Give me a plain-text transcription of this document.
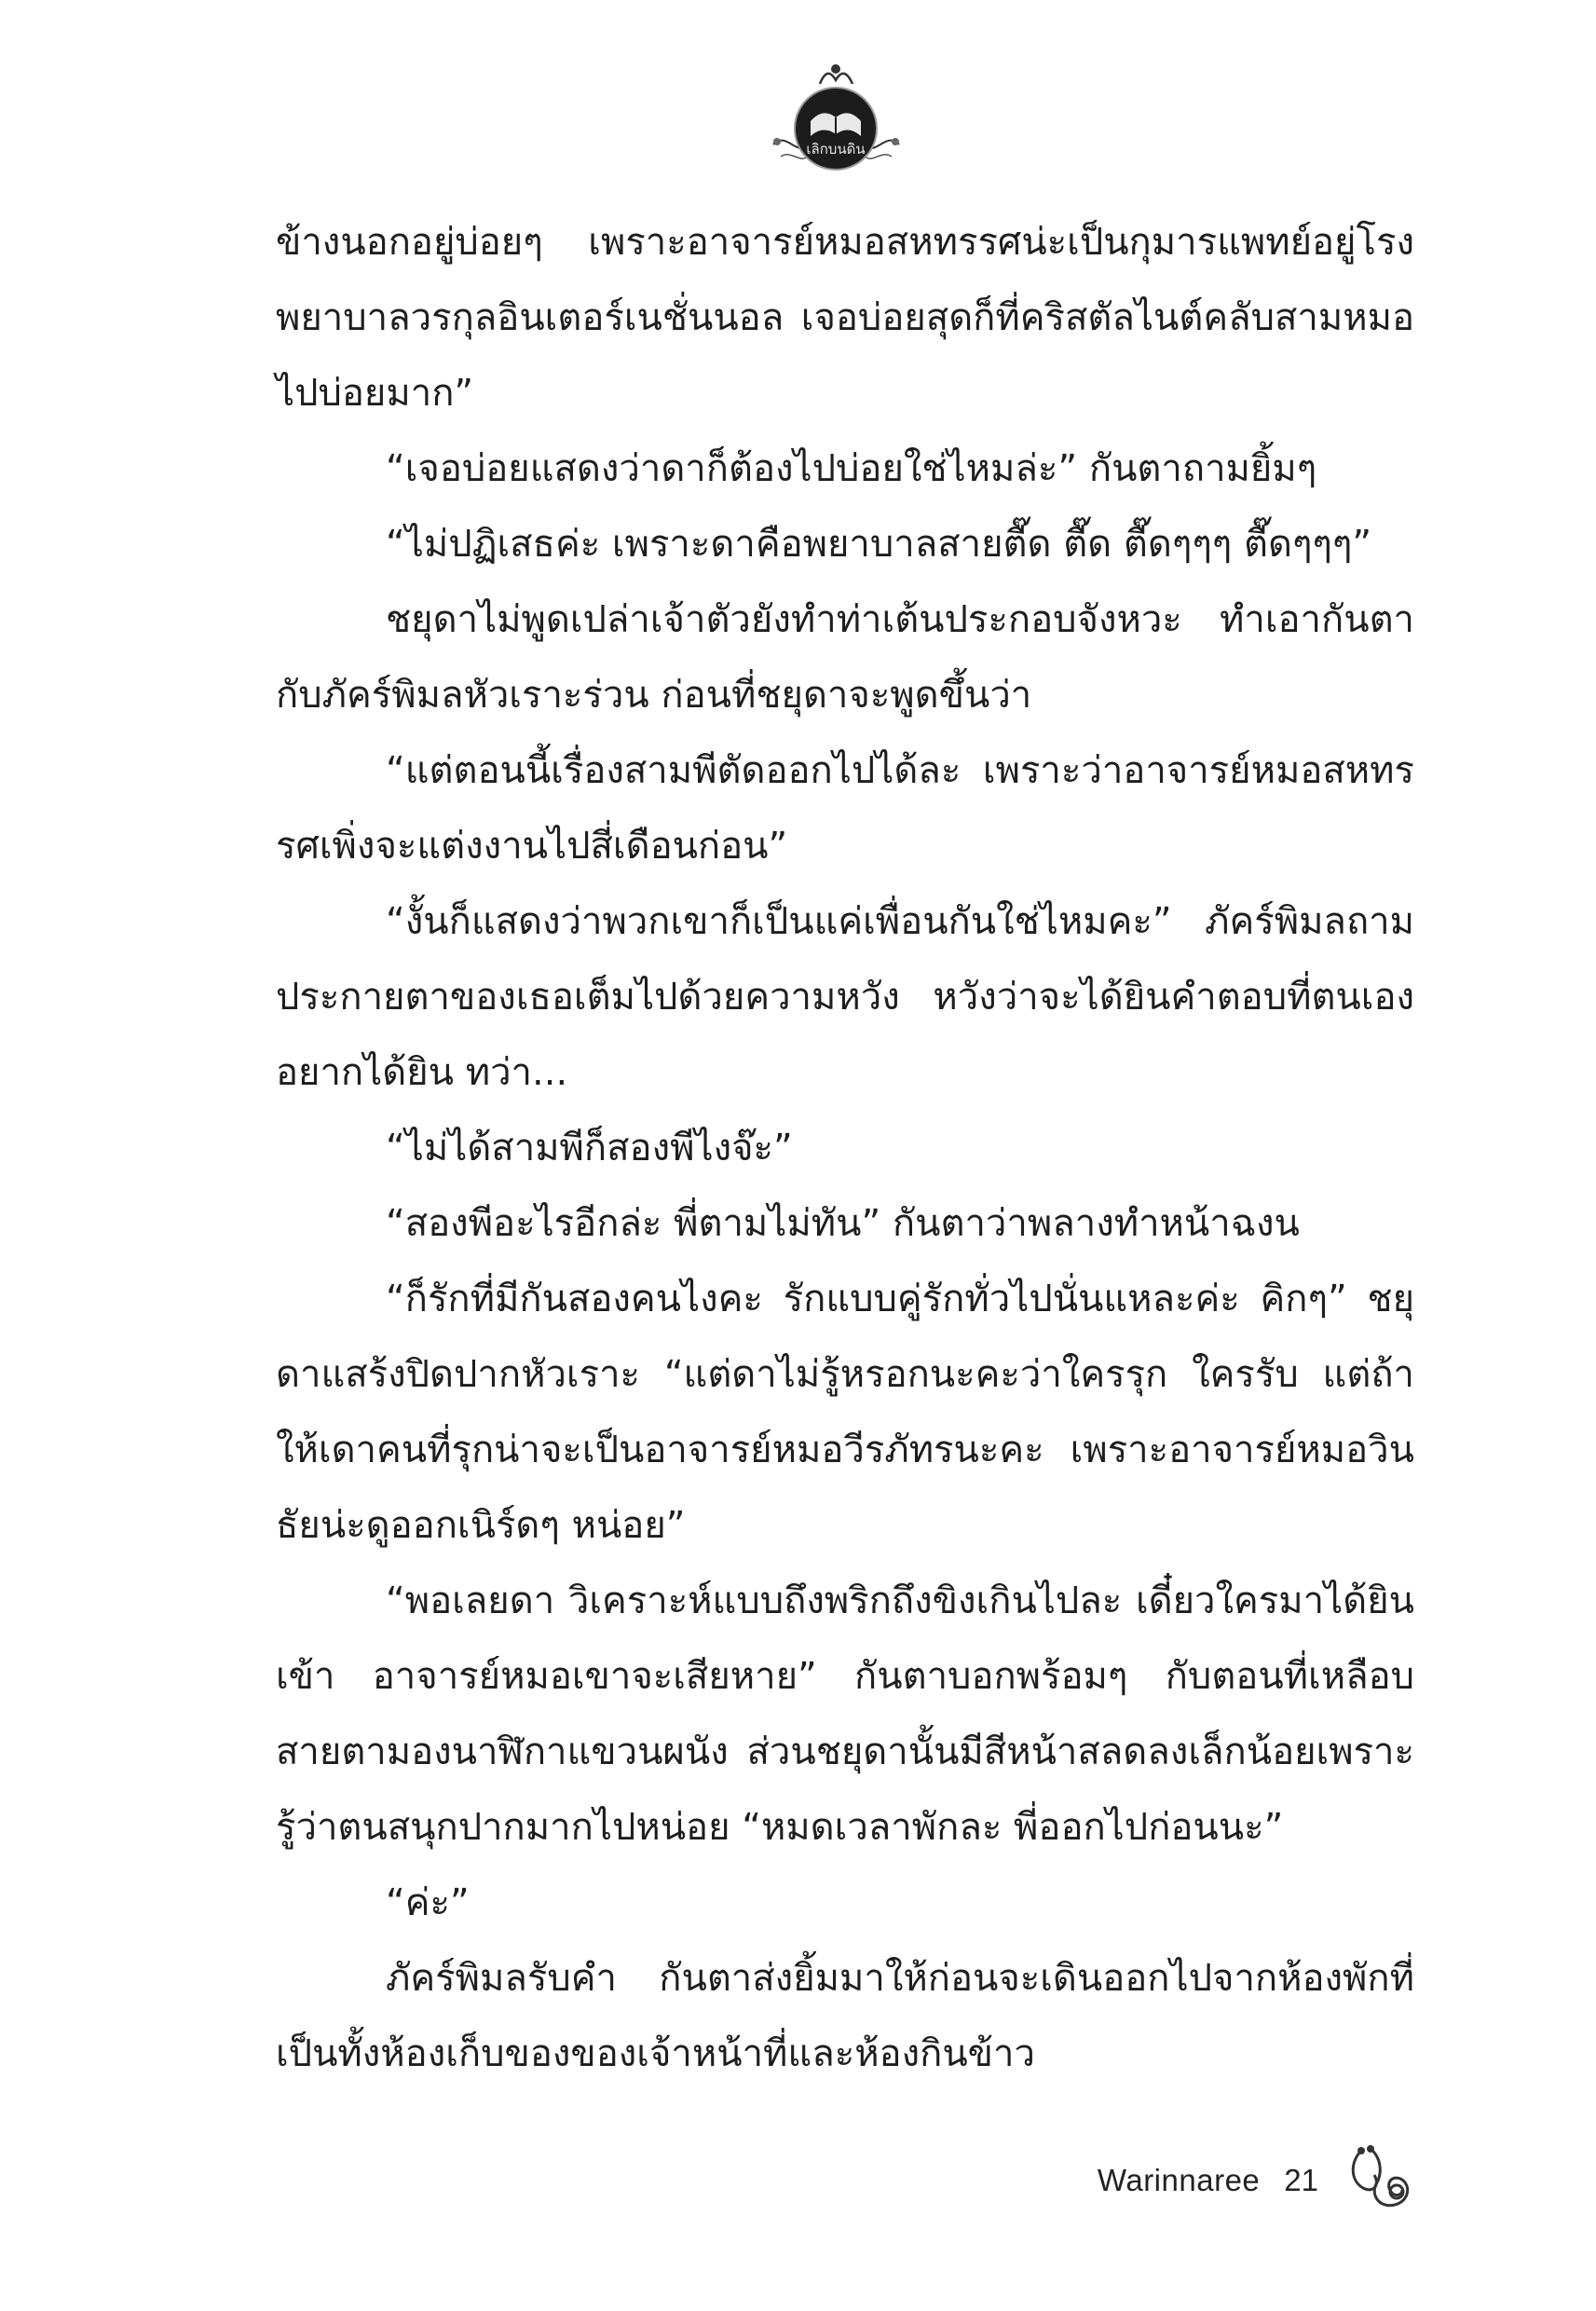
เลิกบนดิน

ข้างนอกอยู่บ่อยๆ เพราะอาจารย์หมอสหทรรศน่ะเป็นกุมารแพทย์อยู่โรงพยาบาลวรกุลอินเตอร์เนชั่นนอล เจอบ่อยสุดก็ที่คริสตัลไนต์คลับสามหมอไปบ่อยมาก”

“เจอบ่อยแสดงว่าดาก็ต้องไปบ่อยใช่ไหมล่ะ” กันตาถามยิ้มๆ

“ไม่ปฏิเสธค่ะ เพราะดาคือพยาบาลสายตื๊ด ตื๊ด ตื๊ดๆๆๆ ตื๊ดๆๆๆ”

ชยุดาไม่พูดเปล่าเจ้าตัวยังทำท่าเต้นประกอบจังหวะ ทำเอากันตากับภัคร์พิมลหัวเราะร่วน ก่อนที่ชยุดาจะพูดขึ้นว่า

“แต่ตอนนี้เรื่องสามพีตัดออกไปได้ละ เพราะว่าอาจารย์หมอสหทรรศเพิ่งจะแต่งงานไปสี่เดือนก่อน”

“งั้นก็แสดงว่าพวกเขาก็เป็นแค่เพื่อนกันใช่ไหมคะ” ภัคร์พิมลถามประกายตาของเธอเต็มไปด้วยความหวัง หวังว่าจะได้ยินคำตอบที่ตนเองอยากได้ยิน ทว่า...

“ไม่ได้สามพีก็สองพีไงจ๊ะ”

“สองพีอะไรอีกล่ะ พี่ตามไม่ทัน” กันตาว่าพลางทำหน้าฉงน

“ก็รักที่มีกันสองคนไงคะ รักแบบคู่รักทั่วไปนั่นแหละค่ะ คิกๆ” ชยุดาแสร้งปิดปากหัวเราะ “แต่ดาไม่รู้หรอกนะคะว่าใครรุก ใครรับ แต่ถ้าให้เดาคนที่รุกน่าจะเป็นอาจารย์หมอวีรภัทรนะคะ เพราะอาจารย์หมอวินธัยน่ะดูออกเนิร์ดๆ หน่อย”

“พอเลยดา วิเคราะห์แบบถึงพริกถึงขิงเกินไปละ เดี๋ยวใครมาได้ยินเข้า อาจารย์หมอเขาจะเสียหาย” กันตาบอกพร้อมๆ กับตอนที่เหลือบสายตามองนาฬิกาแขวนผนัง ส่วนชยุดานั้นมีสีหน้าสลดลงเล็กน้อยเพราะรู้ว่าตนสนุกปากมากไปหน่อย “หมดเวลาพักละ พี่ออกไปก่อนนะ”

“ค่ะ”

ภัคร์พิมลรับคำ กันตาส่งยิ้มมาให้ก่อนจะเดินออกไปจากห้องพักที่เป็นทั้งห้องเก็บของของเจ้าหน้าที่และห้องกินข้าว

Warinnaree 21
